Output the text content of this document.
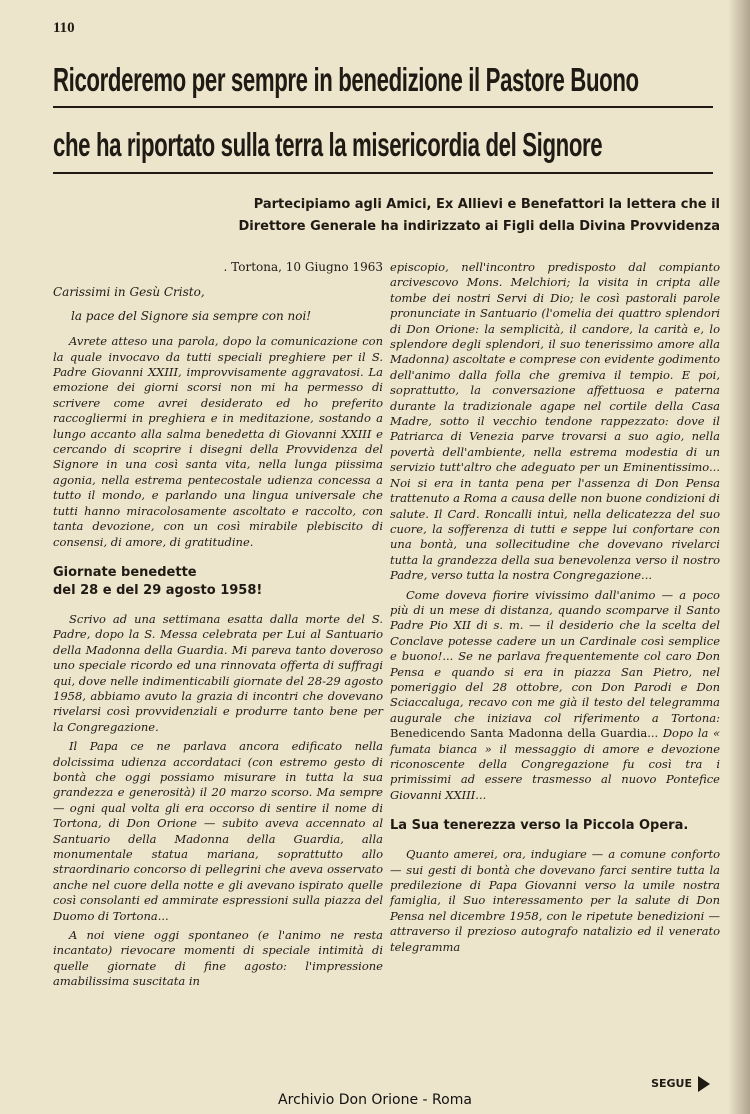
110
Ricorderemo per sempre in benedizione il Pastore Buono
che ha riportato sulla terra la misericordia del Signore
Partecipiamo agli Amici, Ex Allievi e Benefattori la lettera che il
Direttore Generale ha indirizzato ai Figli della Divina Provvidenza
. Tortona, 10 Giugno 1963
Carissimi in Gesù Cristo,
la pace del Signore sia sempre con noi!

Avrete atteso una parola, dopo la comunicazione con la quale invocavo da tutti speciali preghiere per il S. Padre Giovanni XXIII, improvvisamente aggravatosi. La emozione dei giorni scorsi non mi ha permesso di scrivere come avrei desiderato ed ho preferito raccogliermi in preghiera e in meditazione, sostando a lungo accanto alla salma benedetta di Giovanni XXIII e cercando di scoprire i disegni della Provvidenza del Signore in una così santa vita, nella lunga piissima agonia, nella estrema pentecostale udienza concessa a tutto il mondo, e parlando una lingua universale che tutti hanno miracolosamente ascoltato e raccolto, con tanta devozione, con un così mirabile plebiscito di consensi, di amore, di gratitudine.

Giornate benedette
del 28 e del 29 agosto 1958!

Scrivo ad una settimana esatta dalla morte del S. Padre, dopo la S. Messa celebrata per Lui al Santuario della Madonna della Guardia. Mi pareva tanto doveroso uno speciale ricordo ed una rinnovata offerta di suffragi qui, dove nelle indimenticabili giornate del 28-29 agosto 1958, abbiamo avuto la grazia di incontri che dovevano rivelarsi così provvidenziali e produrre tanto bene per la Congregazione.

Il Papa ce ne parlava ancora edificato nella dolcissima udienza accordataci (con estremo gesto di bontà che oggi possiamo misurare in tutta la sua grandezza e generosità) il 20 marzo scorso. Ma sempre — ogni qual volta gli era occorso di sentire il nome di Tortona, di Don Orione — subito aveva accennato al Santuario della Madonna della Guardia, alla monumentale statua mariana, soprattutto allo straordinario concorso di pellegrini che aveva osservato anche nel cuore della notte e gli avevano ispirato quelle così consolanti ed ammirate espressioni sulla piazza del Duomo di Tortona...

A noi viene oggi spontaneo (e l'animo ne resta incantato) rievocare momenti di speciale intimità di quelle giornate di fine agosto: l'impressione amabilissima suscitata in

episcopio, nell'incontro predisposto dal compianto arcivescovo Mons. Melchiori; la visita in cripta alle tombe dei nostri Servi di Dio; le così pastorali parole pronunciate in Santuario (l'omelia dei quattro splendori di Don Orione: la semplicità, il candore, la carità e, lo splendore degli splendori, il suo tenerissimo amore alla Madonna) ascoltate e comprese con evidente godimento dell'animo dalla folla che gremiva il tempio. E poi, soprattutto, la conversazione affettuosa e paterna durante la tradizionale agape nel cortile della Casa Madre, sotto il vecchio tendone rappezzato: dove il Patriarca di Venezia parve trovarsi a suo agio, nella povertà dell'ambiente, nella estrema modestia di un servizio tutt'altro che adeguato per un Eminentissimo... Noi si era in tanta pena per l'assenza di Don Pensa trattenuto a Roma a causa delle non buone condizioni di salute. Il Card. Roncalli intuì, nella delicatezza del suo cuore, la sofferenza di tutti e seppe lui confortare con una bontà, una sollecitudine che dovevano rivelarci tutta la grandezza della sua benevolenza verso il nostro Padre, verso tutta la nostra Congregazione...

Come doveva fiorire vivissimo dall'animo — a poco più di un mese di distanza, quando scomparve il Santo Padre Pio XII di s. m. — il desiderio che la scelta del Conclave potesse cadere un un Cardinale così semplice e buono!... Se ne parlava frequentemente col caro Don Pensa e quando si era in piazza San Pietro, nel pomeriggio del 28 ottobre, con Don Parodi e Don Sciaccaluga, recavo con me già il testo del telegramma augurale che iniziava col riferimento a Tortona: Benedicendo Santa Madonna della Guardia... Dopo la « fumata bianca » il messaggio di amore e devozione riconoscente della Congregazione fu così tra i primissimi ad essere trasmesso al nuovo Pontefice Giovanni XXIII...

La Sua tenerezza verso la Piccola Opera.

Quanto amerei, ora, indugiare — a comune conforto — sui gesti di bontà che dovevano farci sentire tutta la predilezione di Papa Giovanni verso la umile nostra famiglia, il Suo interessamento per la salute di Don Pensa nel dicembre 1958, con le ripetute benedizioni — attraverso il prezioso autografo natalizio ed il venerato telegramma

SEGUE
Archivio Don Orione - Roma
